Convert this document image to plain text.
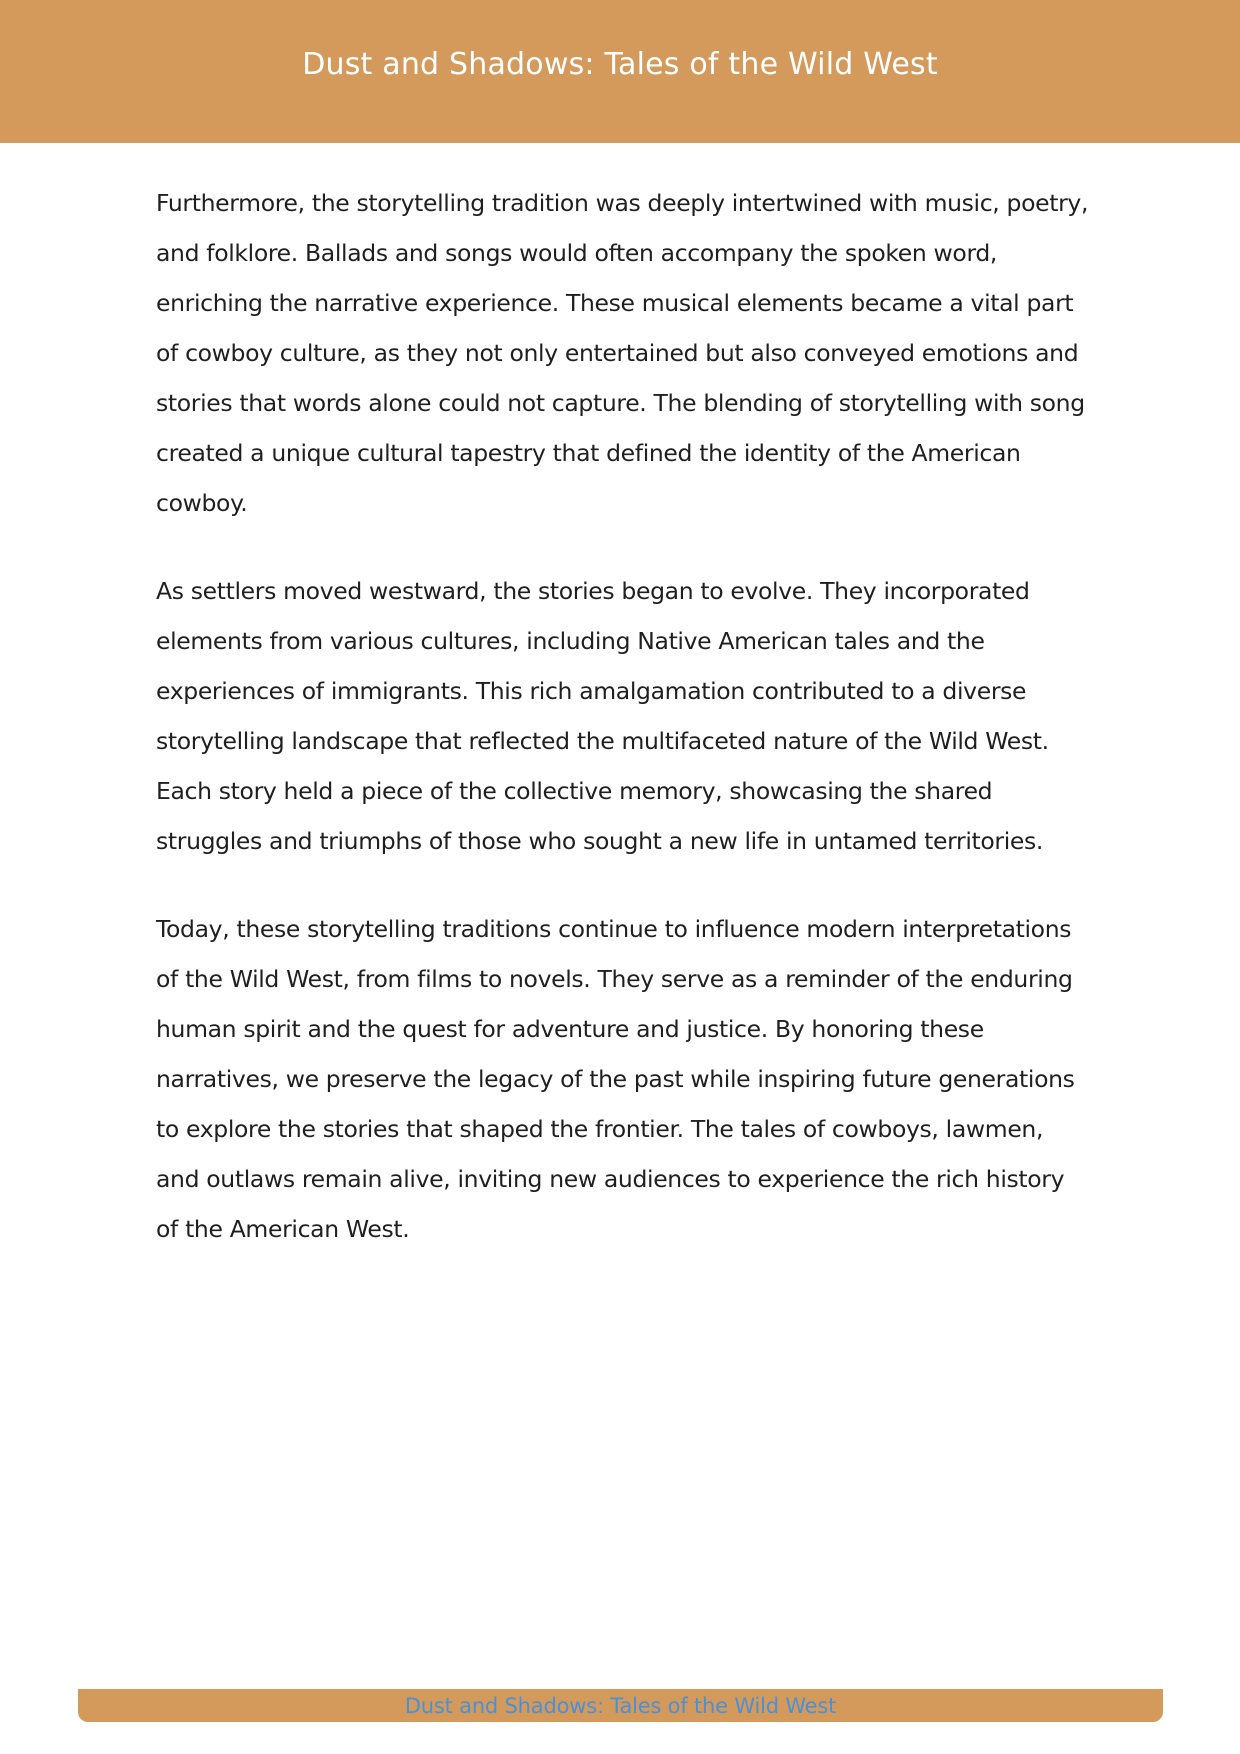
Dust and Shadows: Tales of the Wild West

Furthermore, the storytelling tradition was deeply intertwined with music, poetry, and folklore. Ballads and songs would often accompany the spoken word, enriching the narrative experience. These musical elements became a vital part of cowboy culture, as they not only entertained but also conveyed emotions and stories that words alone could not capture. The blending of storytelling with song created a unique cultural tapestry that defined the identity of the American cowboy.

As settlers moved westward, the stories began to evolve. They incorporated elements from various cultures, including Native American tales and the experiences of immigrants. This rich amalgamation contributed to a diverse storytelling landscape that reflected the multifaceted nature of the Wild West. Each story held a piece of the collective memory, showcasing the shared struggles and triumphs of those who sought a new life in untamed territories.

Today, these storytelling traditions continue to influence modern interpretations of the Wild West, from films to novels. They serve as a reminder of the enduring human spirit and the quest for adventure and justice. By honoring these narratives, we preserve the legacy of the past while inspiring future generations to explore the stories that shaped the frontier. The tales of cowboys, lawmen, and outlaws remain alive, inviting new audiences to experience the rich history of the American West.

Dust and Shadows: Tales of the Wild West
